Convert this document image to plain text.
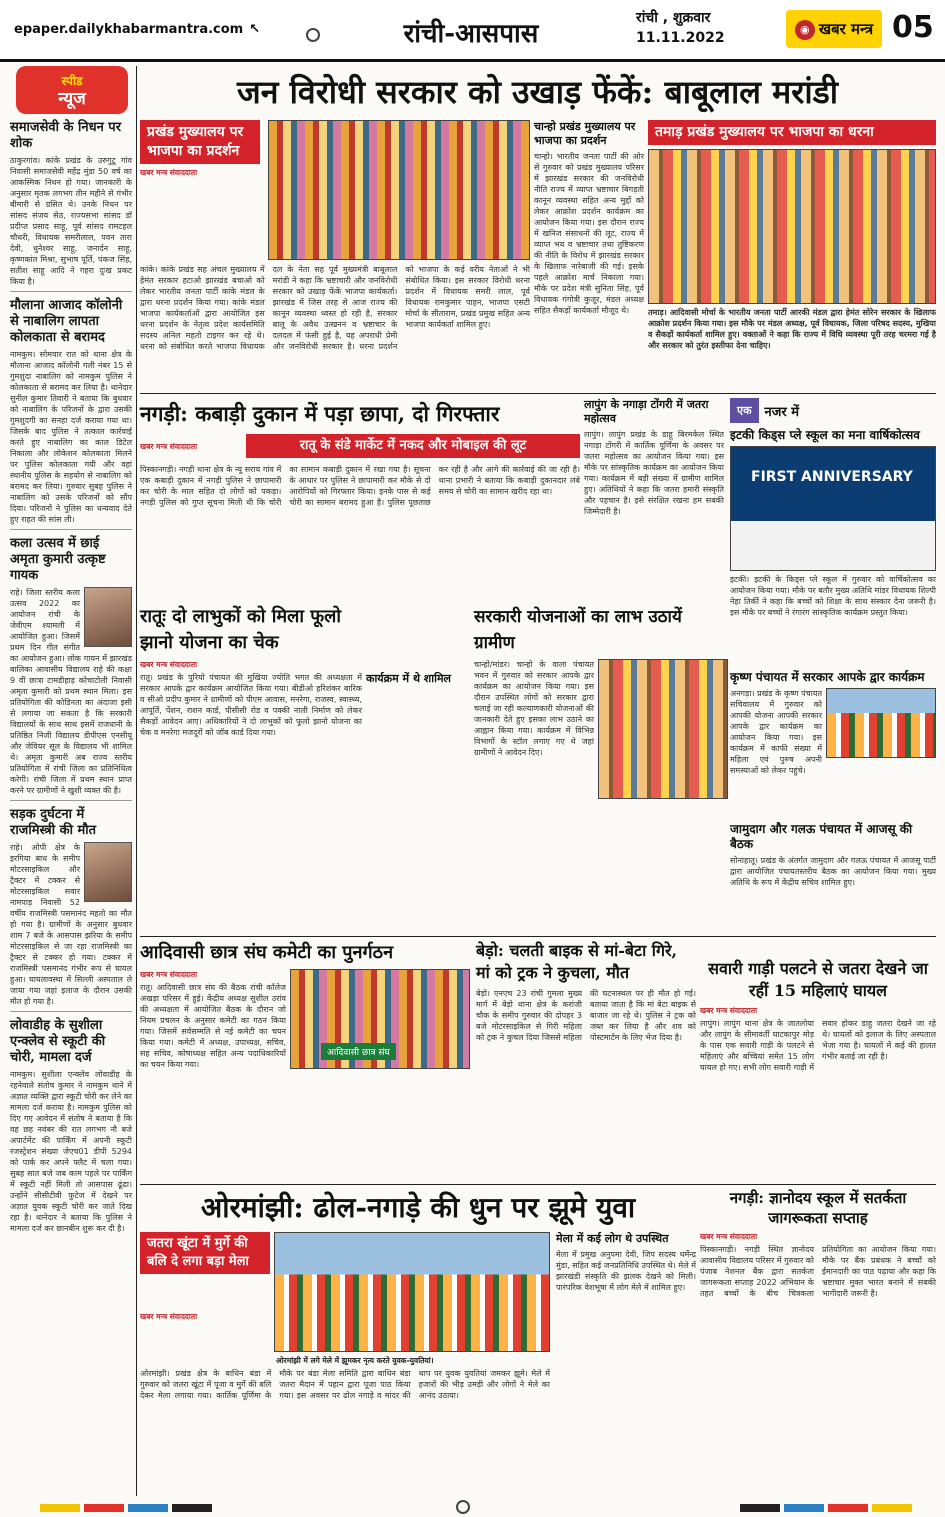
epaper.dailykhabarmantra.com ↖	रांची-आसपास
रांची , शुक्रवार
11.11.2022
◉ खबर मन्त्र 05
स्पीड
न्यूज
समाजसेवी के निधन पर शोक
ठाकुरगांव। कांके प्रखंड के उरुगुटू गांव निवासी समाजसेवी महेंद्र मुंडा 50 वर्ष का आकस्मिक निधन हो गया। जानकारी के अनुसार मृतक लगभग तीन महीने से गंभीर बीमारी से ग्रसित थे। उनके निधन पर सांसद संजय सेठ, राज्यसभा सांसद डॉ प्रदीप्त प्रसाद साहू, पूर्व सांसद रामटहल चौधरी, विधायक समरीलाल, पवन तारा देवी, धुनेश्वर साहू, जनार्दन साहू, कृष्णकांत मिश्रा, सुभाष पूर्ति, पंकज सिंह, सतीश साहू आदि ने गहरा दुःख प्रकट किया है।
मौलाना आजाद कॉलोनी से नाबालिग लापता कोलकाता से बरामद
नामकुम। सोमवार रात को थाना क्षेत्र के मौलाना आजाद कॉलोनी गली नंबर 15 से गुमशुदा नाबालिग को नामकुम पुलिस ने कोलकाता से बरामद कर लिया है। थानेदार सुनील कुमार तिवारी ने बताया कि बुधवार को नाबालिग के परिजनों के द्वारा उसकी गुमशुदगी का सनहा दर्ज कराया गया था। जिसके बाद पुलिस ने तत्काल कार्रवाई करते हुए नाबालिग का काल डिटेल निकाला और लोकेशन कोलकाता मिलने पर पुलिस कोलकाता गयी और वहां स्थानीय पुलिस के सहयोग से नाबालिग को बरामद कर लिया। गुरुवार सुबह पुलिस ने नाबालिग को उसके परिजनों को सौंप दिया। परिजनों ने पुलिस का धन्यवाद देते हुए राहत की सांस ली।
कला उत्सव में छाई अमृता कुमारी उत्कृष्ट गायक
राहे। जिला स्तरीय कला उत्सव 2022 का आयोजन रांची के जेवीएम श्यामली में आयोजित हुआ। जिसमें प्रथम दिन गीत संगीत का आयोजन हुआ। लोक गायन में झारखंड बालिका आवासीय विद्यालय राहे की कक्षा 9 वीं छात्रा टामडीहाड़ कोचाटोली निवासी अमृता कुमारी को प्रथम स्थान मिला। इस प्रतियोगिता की कोडिनता का अंदाजा इसी से लगाया जा सकता है कि सरकारी विद्यालयों के साथ साथ इसमें राजधानी के प्रतिष्ठित निजी विद्यालय डीपीएस एनसीयू और जेवियर सूल के विद्यालय भी शामिल थे। अमृता कुमारी अब राज्य स्तरीय प्रतियोगिता में रांची जिला का प्रतिनिधित्व करेगी। रांची जिला में प्रथम स्थान प्राप्त करने पर ग्रामीणों ने खुशी व्यक्त की है।
सड़क दुर्घटना में राजमिस्त्री की मौत
राहे। ओपी क्षेत्र के इरगिया बाध के समीप मोटरसाइकिल और ट्रैक्टर में टक्कर से मोटरसाइकिल सवार नामपाड़ निवासी 52 वर्षीय राजमिस्त्री पसमानंद महतो का मौत हो गया है। ग्रामीणों के अनुसार बुधवार शाम 7 बजे के आसपास झरिया के समीप मोटरसाइकिल से जा रहा राजमिस्त्री का ट्रैक्टर से टक्कर हो गया। टक्कर में राजमिस्त्री पसमानंद गंभीर रूप से घायल हुआ। घायलावस्था में सिल्ली अस्पताल ले जाया गया जहां इलाज के दौरान उसकी मौत हो गया है।
लोवाडीह के सुशीला एन्क्लेव से स्कूटी की चोरी, मामला दर्ज
नामकुम। सुशीला एन्क्लेव लोवाडीह के रहनेवाले संतोष कुमार ने नामकुम थाने में अज्ञात व्यक्ति द्वारा स्कूटी चोरी कर लेने का मामला दर्ज कराया है। नामकुम पुलिस को दिए गए आवेदन में संतोष ने बताया है कि वह छह नवंबर की रात लगभग नौ बजे अपार्टमेंट की पार्किंग में अपनी स्कूटी रजस्ट्रेशन संख्या जेएच01 डीपी 5294 को पार्क कर अपने फ्लैट में चला गया। सुबह सात बजे जब काम पहले पर पार्किंग में स्कूटी नहीं मिली तो आसपास ढूंढा। उन्होंने सीसीटीवी फुटेज में देखने पर अज्ञात युवक स्कूटी चोरी कर जाते दिख रहा है। थानेदार ने बताया कि पुलिस ने मामला दर्ज कर छानबीन शुरू कर दी है।
जन विरोधी सरकार को उखाड़ फेंकें: बाबूलाल मरांडी
प्रखंड मुख्यालय पर भाजपा का प्रदर्शन
खबर मन्त्र संवाददाता
कांके। कांके प्रखंड सह अंचल मुख्यालय में हेमंत सरकार हटाओ झारखंड बचाओ को लेकर भारतीय जनता पार्टी कांके मंडल के द्वारा धरना प्रदर्शन किया गया। कांके मंडल भाजपा कार्यकर्ताओं द्वारा आयोजित इस धरना प्रदर्शन के नेतृत्व प्रदेश कार्यसमिति सदस्य अनिल महतो टाइगर कर रहे थे। धरना को संबोधित करते भाजपा विधायक दल के नेता सह पूर्व मुख्यमंत्री बाबूलाल मरांडी ने कहा कि भ्रष्टाचारी और जनविरोधी सरकार को उखाड़ फेंकें भाजपा कार्यकर्ता। झारखंड में जिस तरह से आज राज्य की कानून व्यवस्था ध्वस्त हो रही है, सरकार बालू के अवैध उत्खनन व भ्रष्टाचार के दलदल में फंसी हुई है, यह अपराधी प्रेमी और जनविरोधी सरकार है। धरना प्रदर्शन को भाजपा के कई वरीय नेताओं ने भी संबोधित किया। इस सरकार विरोधी धरना प्रदर्शन में विधायक समरी लाल, पूर्व विधायक रामकुमार पाहन, भाजपा एसटी मोर्चा के सीताराम, प्रखंड प्रमुख सहित अन्य भाजपा कार्यकर्ता शामिल हुए।
चान्हो प्रखंड मुख्यालय पर भाजपा का प्रदर्शन
चान्हो। भारतीय जनता पार्टी की ओर से गुरुवार को प्रखंड मुख्यालय परिसर में झारखंड सरकार की जनविरोधी नीति राज्य में व्याप्त भ्रष्टाचार बिगड़ती कानून व्यवस्था सहित अन्य मुद्दों को लेकर आक्रोश प्रदर्शन कार्यक्रम का आयोजन किया गया। इस दौरान राज्य में खनिज संसाधनों की लूट, राज्य में व्याप्त भय व भ्रष्टाचार तथा तुष्टिकरण की नीति के विरोध में झारखंड सरकार के खिलाफ नारेबाजी की गई। इसके पहले आक्रोश मार्च निकाला गया। मौके पर प्रदेश मंत्री सुनिता सिंह, पूर्व विधायक गंगोत्री कुजूर, मंडल अध्यक्ष सहित सैकड़ों कार्यकर्ता मौजूद थे।
तमाड़ प्रखंड मुख्यालय पर भाजपा का धरना
तमाड़। आदिवासी मोर्चा के भारतीय जनता पार्टी आरकी मंडल द्वारा हेमंत सोरेन सरकार के खिलाफ आक्रोश प्रदर्शन किया गया। इस मौके पर मंडल अध्यक्ष, पूर्व विधायक, जिला परिषद सदस्य, मुखिया व सैकड़ों कार्यकर्ता शामिल हुए। वक्ताओं ने कहा कि राज्य में विधि व्यवस्था पूरी तरह चरमरा गई है और सरकार को तुरंत इस्तीफा देना चाहिए।
नगड़ी: कबाड़ी दुकान में पड़ा छापा, दो गिरफ्तार
रातू के संडे मार्केट में नकद और मोबाइल की लूट
खबर मन्त्र संवाददाता
पिस्कानगड़ी। नगड़ी थाना क्षेत्र के न्यू सराय गांव में एक कबाड़ी दुकान में नगड़ी पुलिस ने छापामारी कर चोरी के माल सहित दो लोगों को पकड़ा। नगड़ी पुलिस को गुप्त सूचना मिली थी कि चोरी का सामान कबाड़ी दुकान में रखा गया है। सूचना के आधार पर पुलिस ने छापामारी कर मौके से दो आरोपियों को गिरफ्तार किया। इनके पास से कई चोरी का सामान बरामद हुआ है। पुलिस पूछताछ कर रही है और आगे की कार्रवाई की जा रही है। थाना प्रभारी ने बताया कि कबाड़ी दुकानदार लंबे समय से चोरी का सामान खरीद रहा था।
लापुंग के नगाड़ा टोंगरी में जतरा महोत्सव
लापुंग। लापुंग प्रखंड के डाहू बिरमकेल स्थित नगाड़ा टोंगरी में कार्तिक पूर्णिमा के अवसर पर जतरा महोत्सव का आयोजन किया गया। इस मौके पर सांस्कृतिक कार्यक्रम का आयोजन किया गया। कार्यक्रम में बड़ी संख्या में ग्रामीण शामिल हुए। अतिथियों ने कहा कि जतरा हमारी संस्कृति और पहचान है। इसे संरक्षित रखना हम सबकी जिम्मेदारी है।
एक	नजर में
इटकी किड्स प्ले स्कूल का मना वार्षिकोत्सव
FIRST ANNIVERSARY
इटकी। इटकी के किड्स प्ले स्कूल में गुरुवार को वार्षिकोत्सव का आयोजन किया गया। मौके पर बतौर मुख्य अतिथि मांडर विधायक शिल्पी नेहा तिर्की ने कहा कि बच्चों को शिक्षा के साथ संस्कार देना जरूरी है। इस मौके पर बच्चों ने रंगारंग सांस्कृतिक कार्यक्रम प्रस्तुत किया।
कृष्ण पंचायत में सरकार आपके द्वार कार्यक्रम
अनगड़ा। प्रखंड के कृष्ण पंचायत सचिवालय में गुरुवार को आपकी योजना आपकी सरकार आपके द्वार कार्यक्रम का आयोजन किया गया। इस कार्यक्रम में काफी संख्या में महिला एवं पुरुष अपनी समस्याओं को लेकर पहुंचे।
जामुदाग और गलऊ पंचायत में आजसू की बैठक
सोनाहातू। प्रखंड के अंतर्गत जामुदाग और गलऊ पंचायत में आजसू पार्टी द्वारा आयोजित पंचायतस्तरीय बैठक का आयोजन किया गया। मुख्य अतिथि के रूप में केंद्रीय सचिव शामिल हुए।
रातूः दो लाभुकों को मिला फूलो झानो योजना का चेक
खबर मन्त्र संवाददाता
रातू। प्रखंड के पुरियो पंचायत की मुखिया ज्योति भगत की अध्यक्षता में सरकार आपके द्वार कार्यक्रम आयोजित किया गया। बीडीओ हरिशंकर बारिक व सीओ प्रदीप कुमार ने ग्रामीणों को पीएम आवास, मनरेगा, राजस्व, स्वास्थ्य, आपूर्ति, पेंशन, राशन कार्ड, पीसीसी रोड व पक्की नाली निर्माण को लेकर सैकड़ों आवेदन आए। अधिकारियों ने दो लाभुकों को फूलो झानो योजना का चेक व मनरेगा मजदूरों को जॉब कार्ड दिया गया।
कार्यक्रम में थे शामिल
सरकारी योजनाओं का लाभ उठायें ग्रामीण
चान्हो/मांडर। चान्हो के वाला पंचायत भवन में गुरुवार को सरकार आपके द्वार कार्यक्रम का आयोजन किया गया। इस दौरान उपस्थित लोगों को सरकार द्वारा चलाई जा रही कल्याणकारी योजनाओं की जानकारी देते हुए इसका लाभ उठाने का आह्वान किया गया। कार्यक्रम में विभिन्न विभागों के स्टॉल लगाए गए थे जहां ग्रामीणों ने आवेदन दिए।
आदिवासी छात्र संघ कमेटी का पुनर्गठन
आदिवासी छात्र संघ
खबर मन्त्र संवाददाता
रातू। आदिवासी छात्र संघ की बैठक रांची कॉलेज अखड़ा परिसर में हुई। केंद्रीय अध्यक्ष सुशील उरांव की अध्यक्षता में आयोजित बैठक के दौरान जो नियम प्रचलन के अनुसार कमेटी का गठन किया गया। जिसमें सर्वसम्मति से नई कमेटी का चयन किया गया। कमेटी में अध्यक्ष, उपाध्यक्ष, सचिव, सह सचिव, कोषाध्यक्ष सहित अन्य पदाधिकारियों का चयन किया गया।
बेड़ो: चलती बाइक से मां-बेटा गिरे, मां को ट्रक ने कुचला, मौत
बेड़ो। एनएच 23 रांची गुमला मुख्य मार्ग में बेड़ो थाना क्षेत्र के करांजी चौक के समीप गुरुवार की दोपहर 3 बजे मोटरसाइकिल से गिरी महिला को ट्रक ने कुचल दिया जिससे महिला की घटनास्थल पर ही मौत हो गई। बताया जाता है कि मां बेटा बाइक से बाजार जा रहे थे। पुलिस ने ट्रक को जब्त कर लिया है और शव को पोस्टमार्टम के लिए भेज दिया है।
सवारी गाड़ी पलटने से जतरा देखने जा रहीं 15 महिलाएं घायल
खबर मन्त्र संवाददाता
लापुंग। लापुंग थाना क्षेत्र के जातलोया और लापुंग के सीमावर्ती घाटकापुर मोड़ के पास एक सवारी गाड़ी के पलटने से महिलाएं और बच्चियां समेत 15 लोग घायल हो गए। सभी लोग सवारी गाड़ी में सवार होकर डाहु जतरा देखने जा रहे थे। घायलों को इलाज के लिए अस्पताल भेजा गया है। घायलों में कई की हालत गंभीर बताई जा रही है।
ओरमांझी: ढोल-नगाड़े की धुन पर झूमे युवा
जतरा खूंटा में मुर्गे की बलि दे लगा बड़ा मेला
ओरमांझी में लगे मेले में झूमकर नृत्य करते युवक-युवतियां।
खबर मन्त्र संवाददाता
ओरमांझी। प्रखंड क्षेत्र के बाधिन बंडा में गुरुवार को जतरा खूंटा में पूजा व मुर्गे की बलि देकर मेला लगाया गया। कार्तिक पूर्णिमा के मौके पर बंडा मेला समिति द्वारा बाधिन बंडा जतरा मैदान में पहान द्वारा पूजा पाठ किया गया। इस अवसर पर ढोल नगाड़े व मांदर की थाप पर युवक युवतियां जमकर झूमे। मेले में हजारों की भीड़ उमड़ी और लोगों ने मेले का आनंद उठाया।
मेला में कई लोग थे उपस्थित
मेला में प्रमुख अनुपमा देवी, जिप सदस्य धर्मेन्द्र मुंडा, सहित कई जनप्रतिनिधि उपस्थित थे। मेले में झारखंडी संस्कृति की झलक देखने को मिली। पारंपरिक वेशभूषा में लोग मेले में शामिल हुए।
नगड़ी: ज्ञानोदय स्कूल में सतर्कता जागरूकता सप्ताह
खबर मन्त्र संवाददाता
पिस्कानगड़ी। नगड़ी स्थित ज्ञानोदय आवासीय विद्यालय परिसर में गुरुवार को पंजाब नेशनल बैंक द्वारा सतर्कता जागरूकता सप्ताह 2022 अभियान के तहत बच्चों के बीच चित्रकला प्रतियोगिता का आयोजन किया गया। मौके पर बैंक प्रबंधक ने बच्चों को ईमानदारी का पाठ पढ़ाया और कहा कि भ्रष्टाचार मुक्त भारत बनाने में सबकी भागीदारी जरूरी है।
